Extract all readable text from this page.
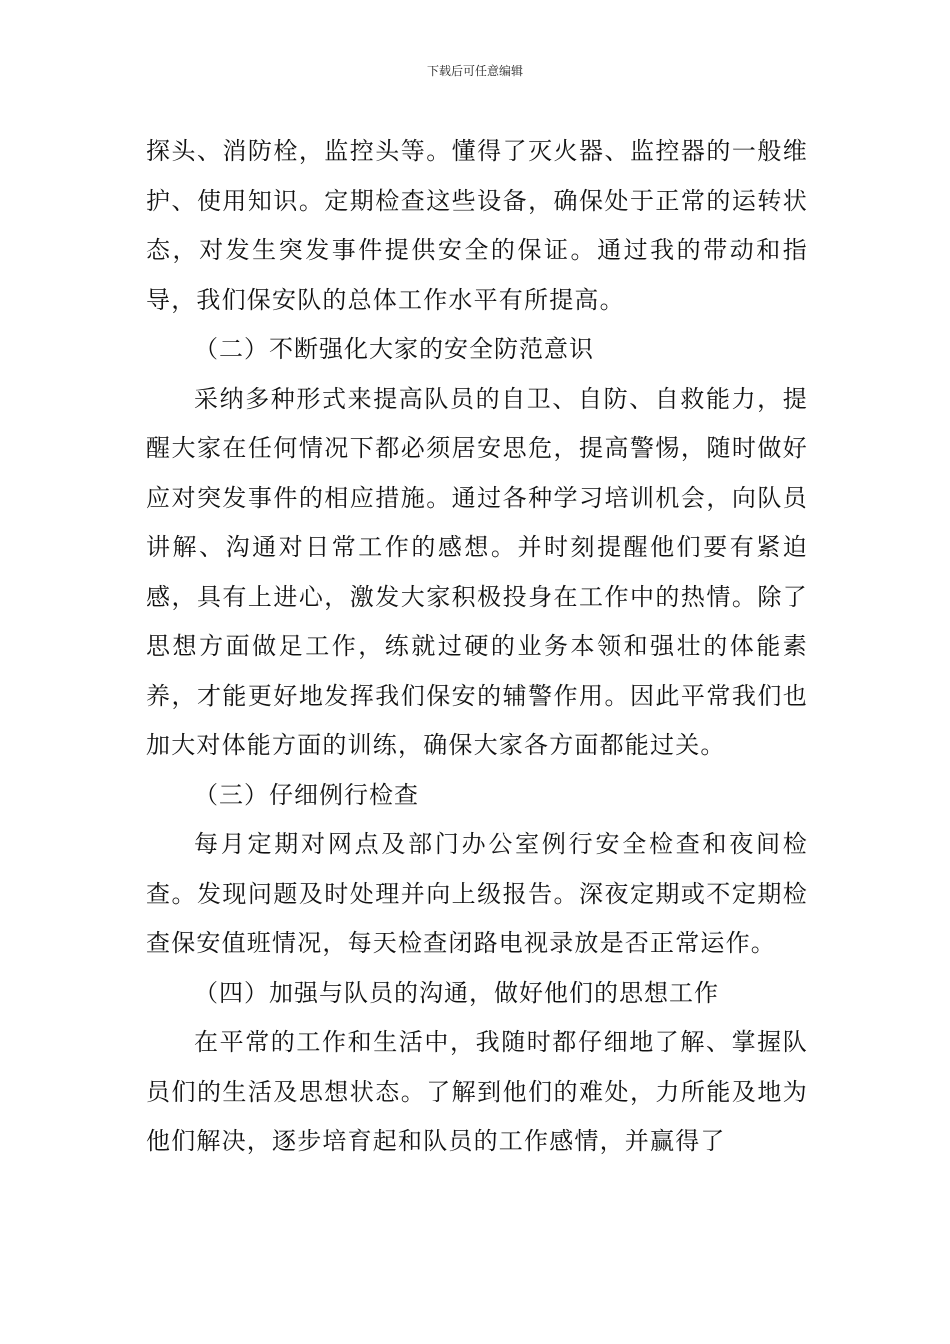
下载后可任意编辑

探头、消防栓，监控头等。懂得了灭火器、监控器的一般维护、使用知识。定期检查这些设备，确保处于正常的运转状态，对发生突发事件提供安全的保证。通过我的带动和指导，我们保安队的总体工作水平有所提高。

（二）不断强化大家的安全防范意识

采纳多种形式来提高队员的自卫、自防、自救能力，提醒大家在任何情况下都必须居安思危，提高警惕，随时做好应对突发事件的相应措施。通过各种学习培训机会，向队员讲解、沟通对日常工作的感想。并时刻提醒他们要有紧迫感，具有上进心，激发大家积极投身在工作中的热情。除了思想方面做足工作，练就过硬的业务本领和强壮的体能素养，才能更好地发挥我们保安的辅警作用。因此平常我们也加大对体能方面的训练，确保大家各方面都能过关。

（三）仔细例行检查

每月定期对网点及部门办公室例行安全检查和夜间检查。发现问题及时处理并向上级报告。深夜定期或不定期检查保安值班情况，每天检查闭路电视录放是否正常运作。

（四）加强与队员的沟通，做好他们的思想工作

在平常的工作和生活中，我随时都仔细地了解、掌握队员们的生活及思想状态。了解到他们的难处，力所能及地为他们解决，逐步培育起和队员的工作感情，并赢得了
